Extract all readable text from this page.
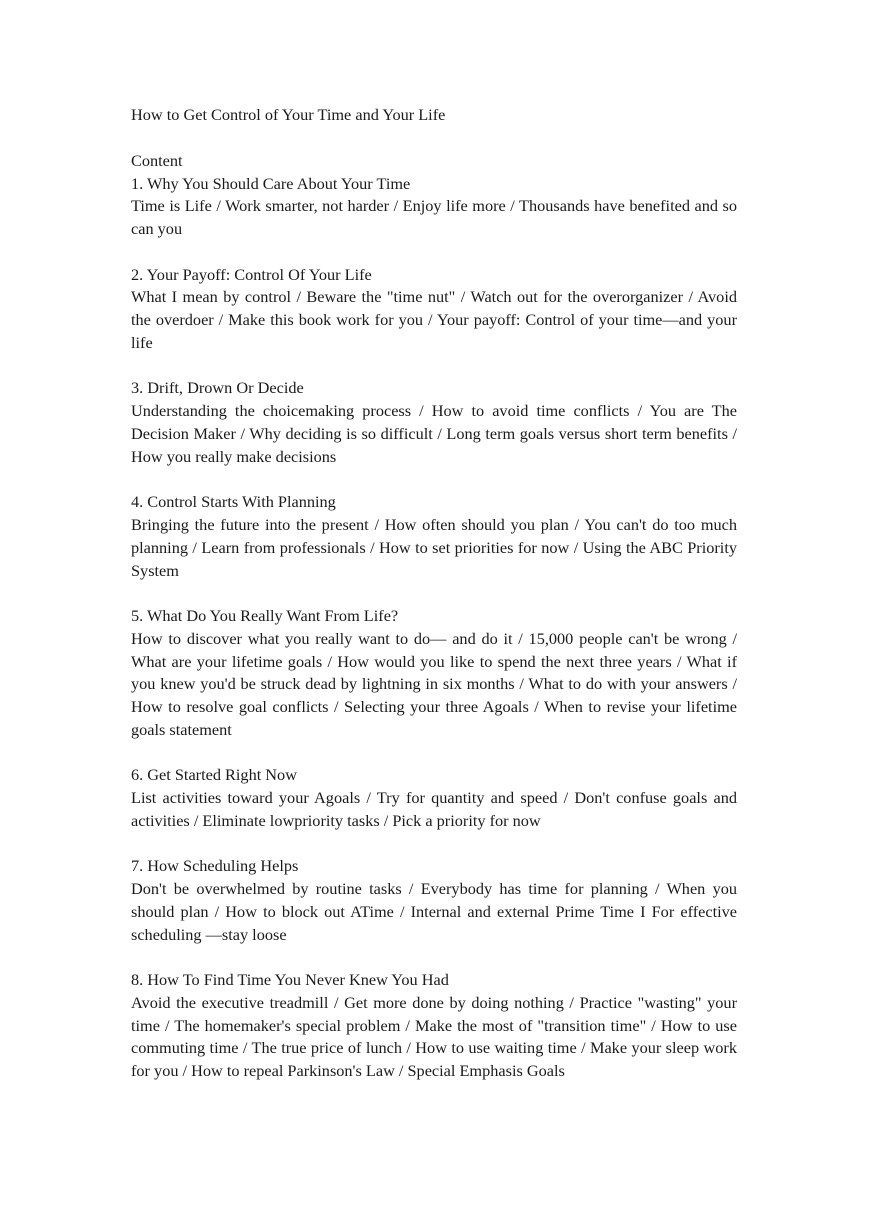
How to Get Control of Your Time and Your Life

Content

1. Why You Should Care About Your Time

Time is Life / Work smarter, not harder / Enjoy life more / Thousands have benefited and so can you

2. Your Payoff: Control Of Your Life

What I mean by control / Beware the "time nut" / Watch out for the overorganizer / Avoid the overdoer / Make this book work for you / Your payoff: Control of your time—and your life

3. Drift, Drown Or Decide

Understanding the choicemaking process / How to avoid time conflicts / You are The Decision Maker / Why deciding is so difficult / Long term goals versus short term benefits / How you really make decisions

4. Control Starts With Planning

Bringing the future into the present / How often should you plan / You can't do too much planning / Learn from professionals / How to set priorities for now / Using the ABC Priority System

5. What Do You Really Want From Life?

How to discover what you really want to do— and do it / 15,000 people can't be wrong / What are your lifetime goals / How would you like to spend the next three years / What if you knew you'd be struck dead by lightning in six months / What to do with your answers / How to resolve goal conflicts / Selecting your three Agoals / When to revise your lifetime goals statement

6. Get Started Right Now

List activities toward your Agoals / Try for quantity and speed / Don't confuse goals and activities / Eliminate lowpriority tasks / Pick a priority for now

7. How Scheduling Helps

Don't be overwhelmed by routine tasks / Everybody has time for planning / When you should plan / How to block out ATime / Internal and external Prime Time I For effective scheduling —stay loose

8. How To Find Time You Never Knew You Had

Avoid the executive treadmill / Get more done by doing nothing / Practice "wasting" your time / The homemaker's special problem / Make the most of "transition time" / How to use commuting time / The true price of lunch / How to use waiting time / Make your sleep work for you / How to repeal Parkinson's Law / Special Emphasis Goals
